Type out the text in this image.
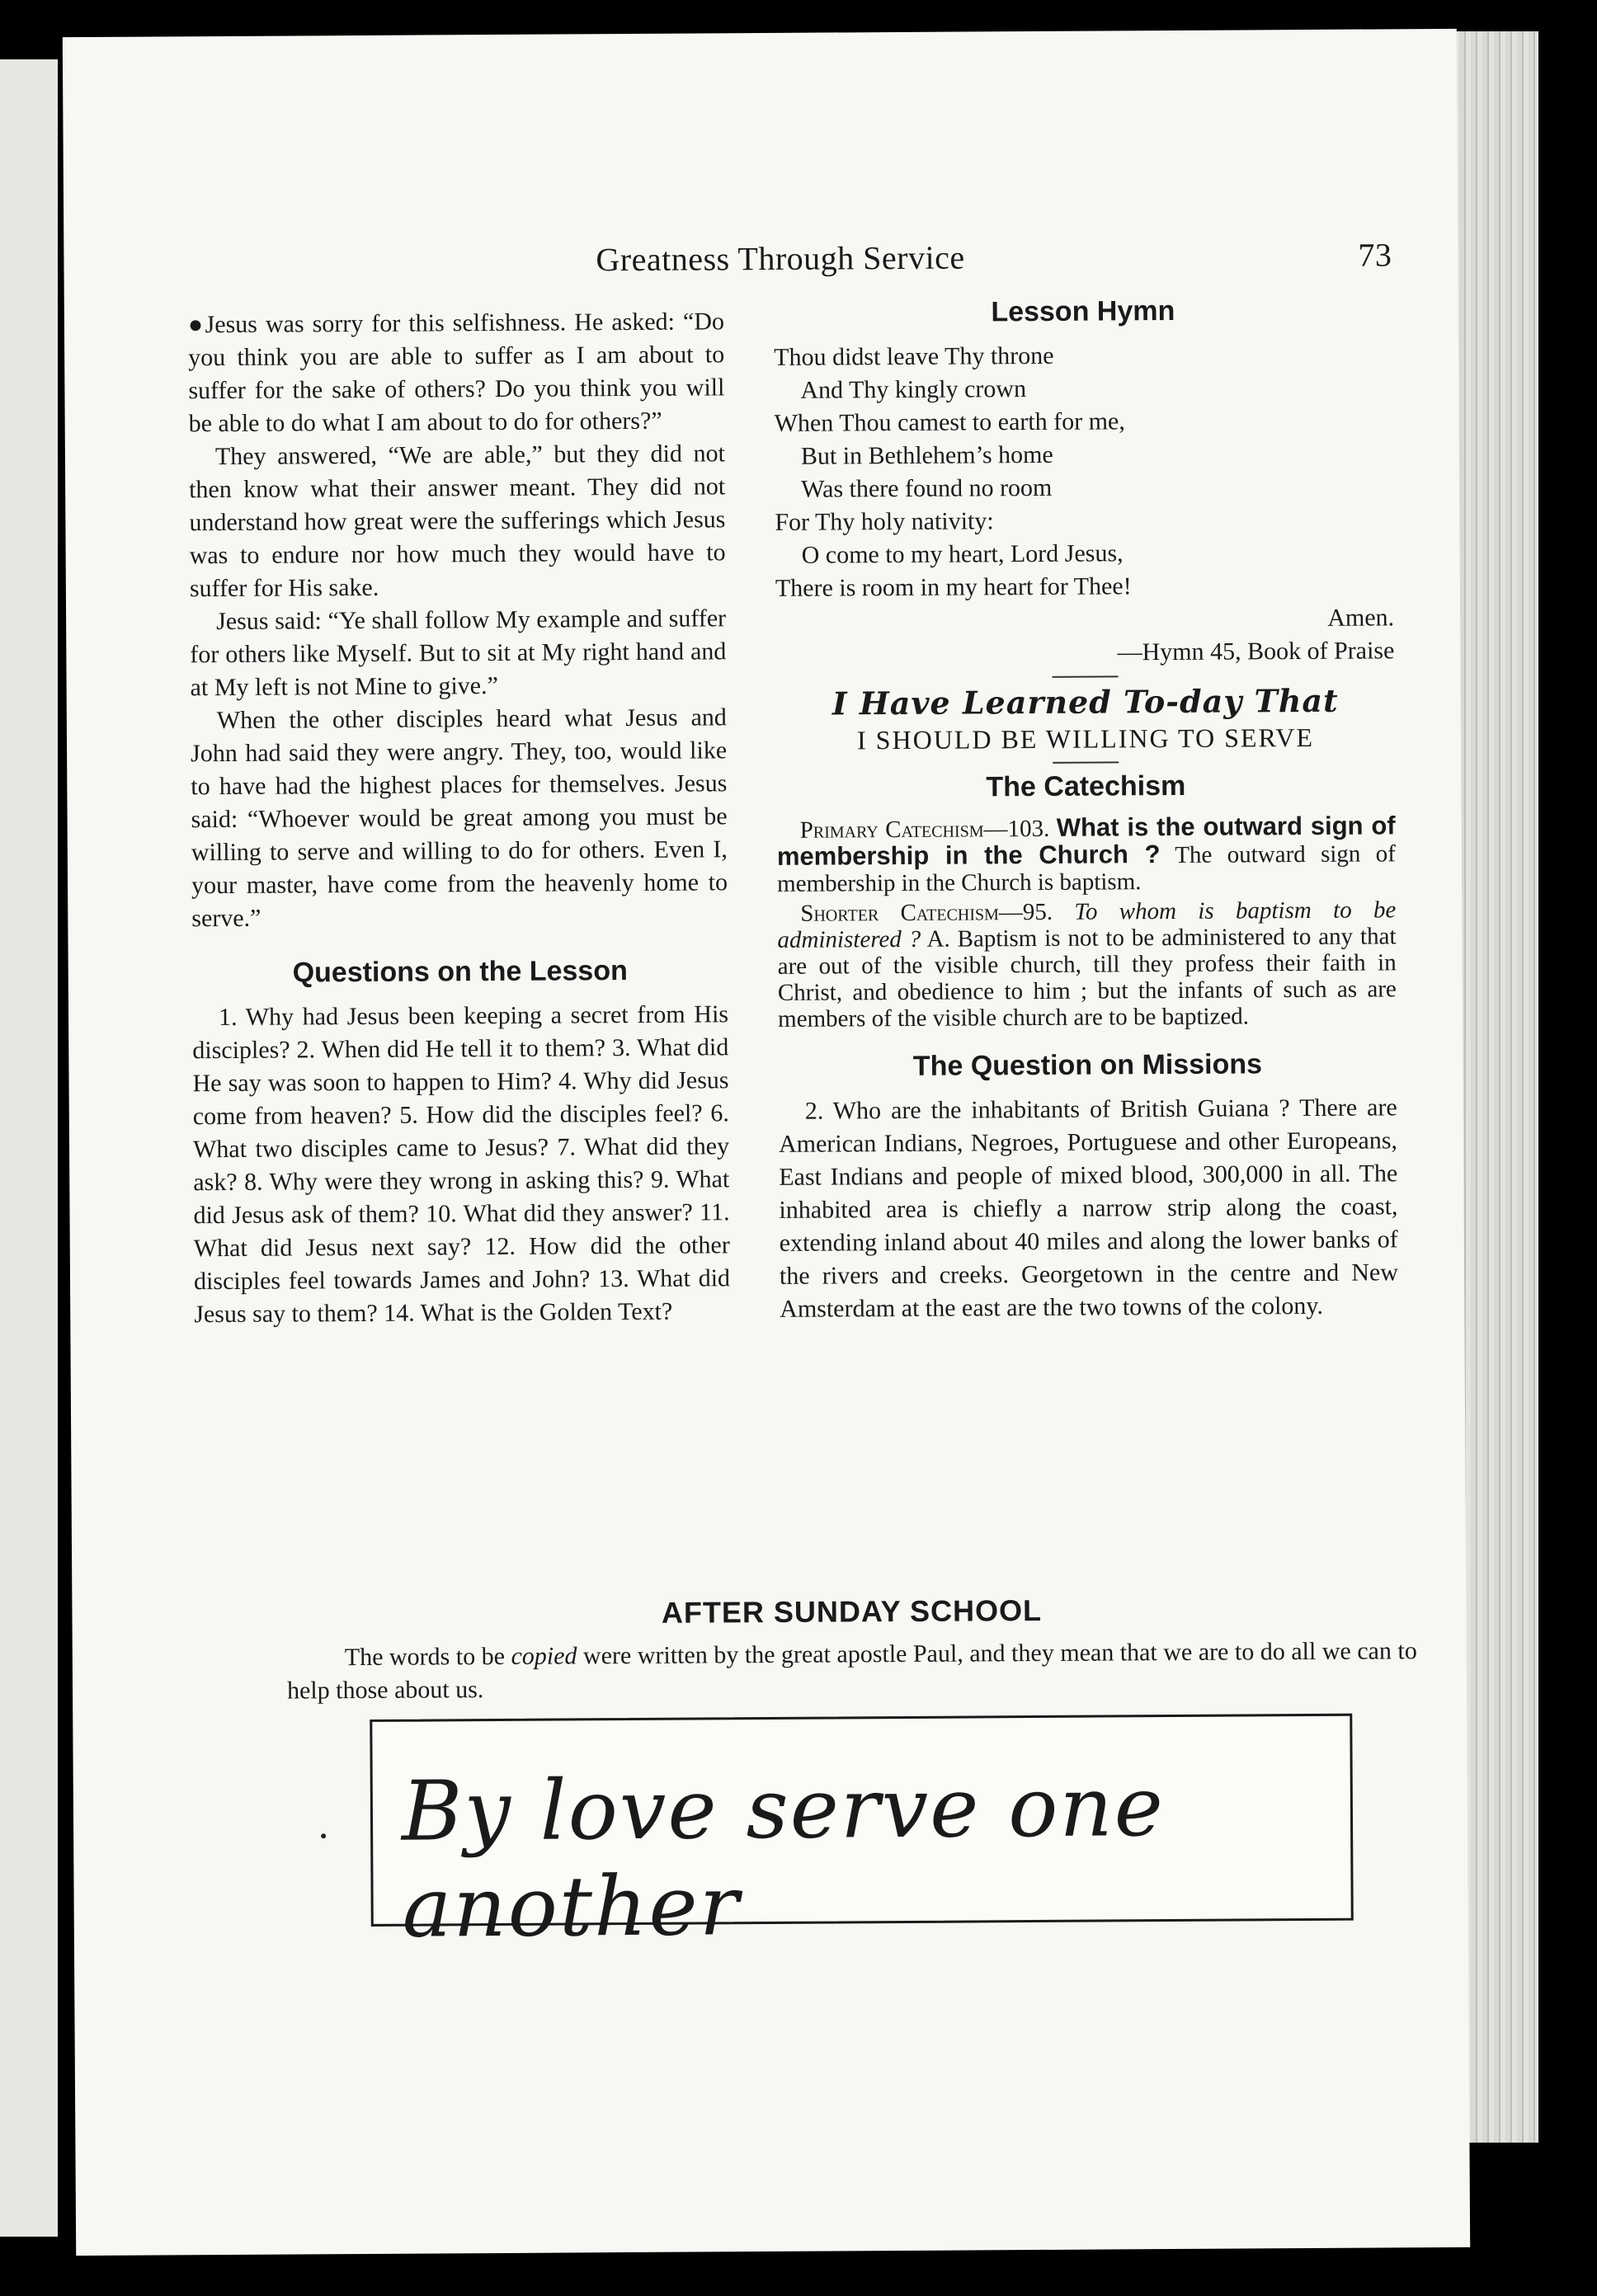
Greatness Through Service	73

●Jesus was sorry for this selfishness. He asked: “Do you think you are able to suffer as I am about to suffer for the sake of others? Do you think you will be able to do what I am about to do for others?”

They answered, “We are able,” but they did not then know what their answer meant. They did not understand how great were the sufferings which Jesus was to endure nor how much they would have to suffer for His sake.

Jesus said: “Ye shall follow My example and suffer for others like Myself. But to sit at My right hand and at My left is not Mine to give.”

When the other disciples heard what Jesus and John had said they were angry. They, too, would like to have had the highest places for themselves. Jesus said: “Whoever would be great among you must be willing to serve and willing to do for others. Even I, your master, have come from the heavenly home to serve.”

Questions on the Lesson

1. Why had Jesus been keeping a secret from His disciples? 2. When did He tell it to them? 3. What did He say was soon to happen to Him? 4. Why did Jesus come from heaven? 5. How did the disciples feel? 6. What two disciples came to Jesus? 7. What did they ask? 8. Why were they wrong in asking this? 9. What did Jesus ask of them? 10. What did they answer? 11. What did Jesus next say? 12. How did the other disciples feel towards James and John? 13. What did Jesus say to them? 14. What is the Golden Text?

Lesson Hymn
Thou didst leave Thy throne
And Thy kingly crown
When Thou camest to earth for me,
But in Bethlehem’s home
Was there found no room
For Thy holy nativity:
O come to my heart, Lord Jesus,
There is room in my heart for Thee!
Amen.
—Hymn 45, Book of Praise
I Have Learned To-day That
I SHOULD BE WILLING TO SERVE
The Catechism

Primary Catechism—103. What is the outward sign of membership in the Church ? The outward sign of membership in the Church is baptism.

Shorter Catechism—95. To whom is baptism to be administered ? A. Baptism is not to be administered to any that are out of the visible church, till they profess their faith in Christ, and obedience to him ; but the infants of such as are members of the visible church are to be baptized.

The Question on Missions

2. Who are the inhabitants of British Guiana ? There are American Indians, Negroes, Portuguese and other Europeans, East Indians and people of mixed blood, 300,000 in all. The inhabited area is chiefly a narrow strip along the coast, extending inland about 40 miles and along the lower banks of the rivers and creeks. Georgetown in the centre and New Amsterdam at the east are the two towns of the colony.

AFTER SUNDAY SCHOOL
The words to be copied were written by the great apostle Paul, and they mean that we are to do all we can to help those about us.
By love serve one another
